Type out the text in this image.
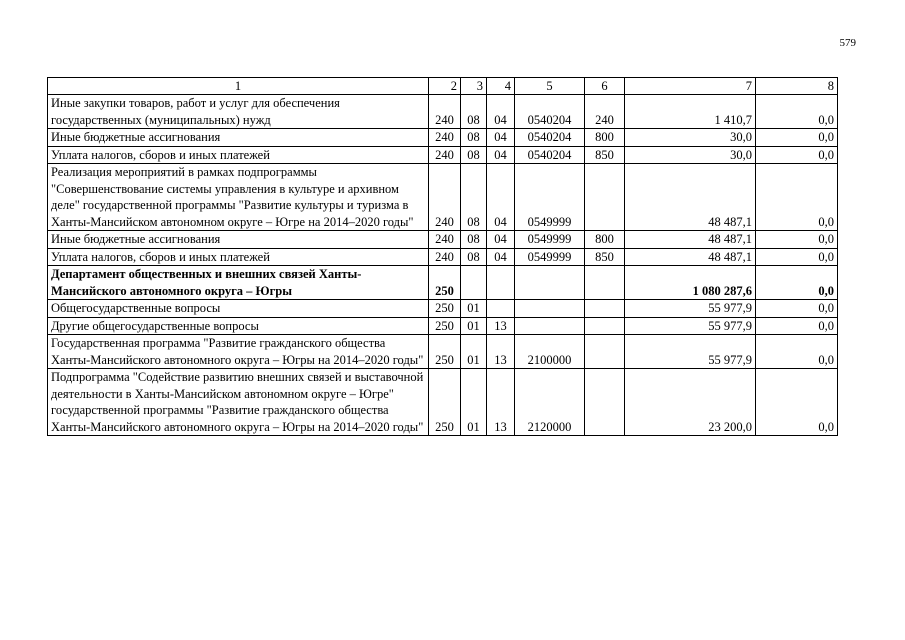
579
1	2	3	4	5	6	7	8
Иные закупки товаров, работ и услуг для обеспечения государственных (муниципальных) нужд	240	08	04	0540204	240	1 410,7	0,0
Иные бюджетные ассигнования	240	08	04	0540204	800	30,0	0,0
Уплата налогов, сборов и иных платежей	240	08	04	0540204	850	30,0	0,0
Реализация мероприятий в рамках подпрограммы "Совершенствование системы управления в культуре и архивном деле" государственной программы "Развитие культуры и туризма в Ханты-Мансийском автономном округе – Югре на 2014–2020 годы"	240	08	04	0549999		48 487,1	0,0
Иные бюджетные ассигнования	240	08	04	0549999	800	48 487,1	0,0
Уплата налогов, сборов и иных платежей	240	08	04	0549999	850	48 487,1	0,0
Департамент общественных и внешних связей Ханты-Мансийского автономного округа – Югры	250					1 080 287,6	0,0
Общегосударственные вопросы	250	01				55 977,9	0,0
Другие общегосударственные вопросы	250	01	13			55 977,9	0,0
Государственная программа "Развитие гражданского общества Ханты-Мансийского автономного округа – Югры на 2014–2020 годы"	250	01	13	2100000		55 977,9	0,0
Подпрограмма "Содействие развитию внешних связей и выставочной деятельности в Ханты-Мансийском автономном округе – Югре" государственной программы "Развитие гражданского общества Ханты-Мансийского автономного округа – Югры на 2014–2020 годы"	250	01	13	2120000		23 200,0	0,0
